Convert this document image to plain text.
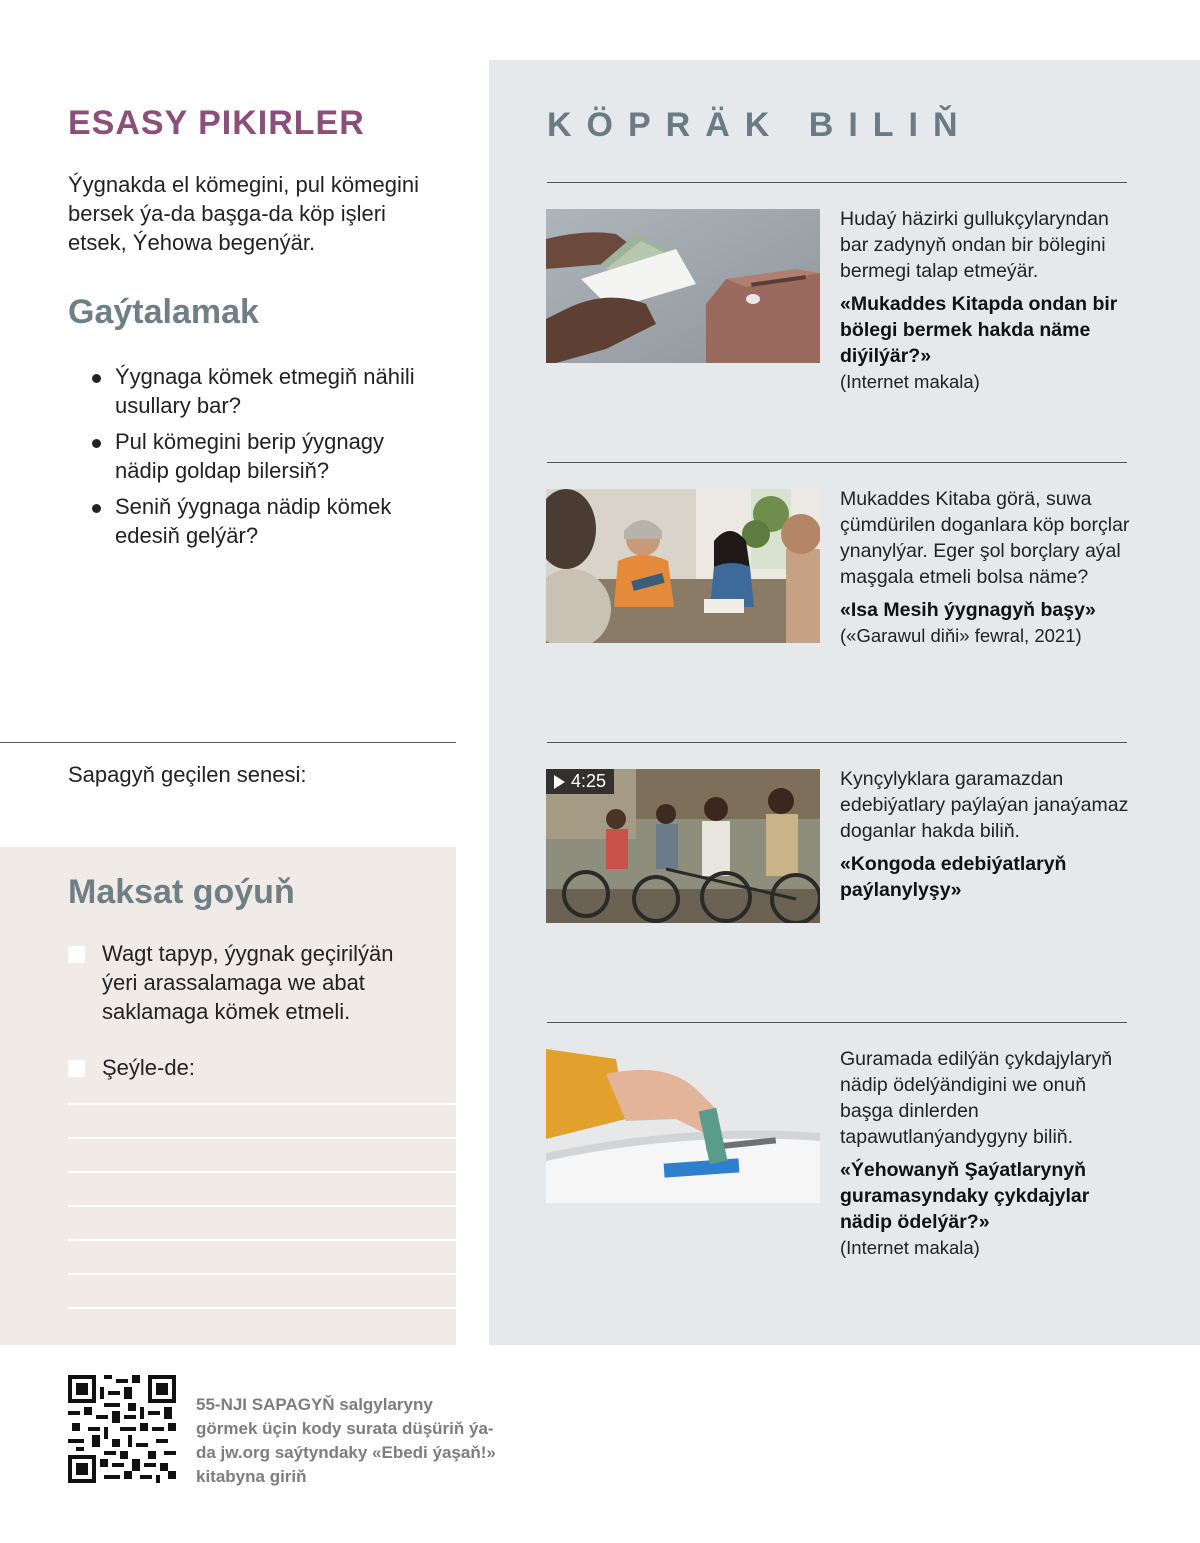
ESASY PIKIRLER

Ýygnakda el kömegini, pul kömegini bersek ýa-da başga-da köp işleri etsek, Ýehowa begenýär.

Gaýtalamak
Ýygnaga kömek etmegiň nähili usullary bar?
Pul kömegini berip ýygnagy nädip goldap bilersiň?
Seniň ýygnaga nädip kömek edesiň gelýär?
Sapagyň geçilen senesi:
Maksat goýuň
Wagt tapyp, ýygnak geçirilýän ýeri arassalamaga we abat saklamaga kömek etmeli.
Şeýle-de:
KÖPRÄK BILIŇ

Hudaý häzirki gullukçylaryndan bar zadynyň ondan bir bölegini bermegi talap etmeýär.

«Mukaddes Kitapda ondan bir bölegi bermek hakda näme diýilýär?»

(Internet makala)

Mukaddes Kitaba görä, suwa çümdürilen doganlara köp borçlar ynanylýar. Eger şol borçlary aýal maşgala etmeli bolsa näme?

«Isa Mesih ýygnagyň başy»

(«Garawul diňi» fewral, 2021)

4:25	Kynçylyklara garamazdan edebiýatlary paýlaýan janaýamaz doganlar hakda biliň.

«Kongoda edebiýatlaryň paýlanylyşy»

Guramada edilýän çykdajylaryň nädip ödelýändigini we onuň başga dinlerden tapawutlanýandygyny biliň.

«Ýehowanyň Şaýatlarynyň guramasyndaky çykdajylar nädip ödelýär?»

(Internet makala)

55-NJI SAPAGYŇ salgylaryny görmek üçin kody surata düşüriň ýa-da jw.org saýtyndaky «Ebedi ýaşaň!» kitabyna giriň
